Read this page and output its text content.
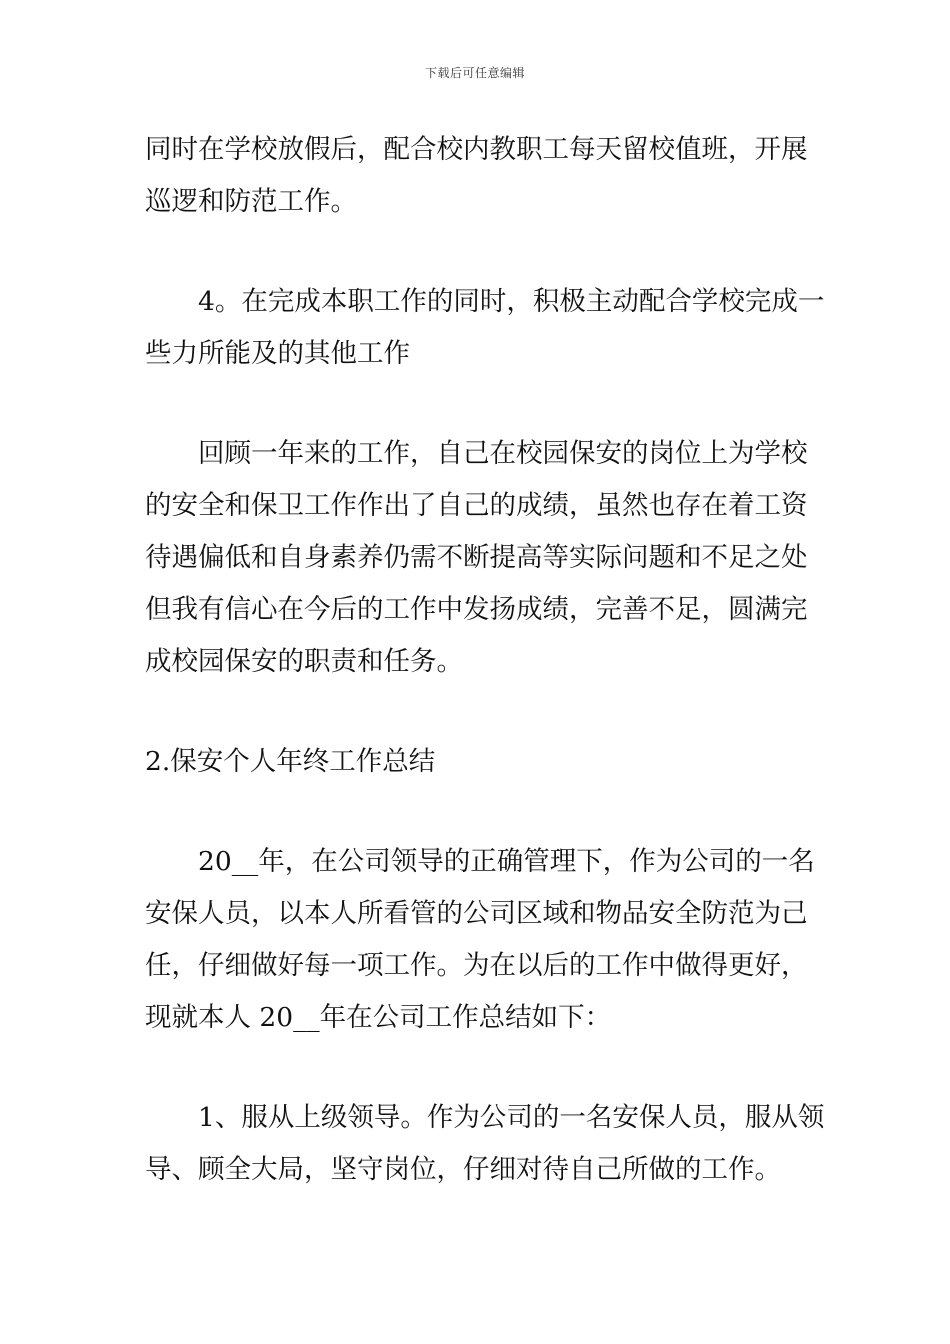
下载后可任意编辑
同时在学校放假后，配合校内教职工每天留校值班，开展
巡逻和防范工作。
4。在完成本职工作的同时，积极主动配合学校完成一
些力所能及的其他工作
回顾一年来的工作，自己在校园保安的岗位上为学校
的安全和保卫工作作出了自己的成绩，虽然也存在着工资
待遇偏低和自身素养仍需不断提高等实际问题和不足之处
但我有信心在今后的工作中发扬成绩，完善不足，圆满完
成校园保安的职责和任务。
2.保安个人年终工作总结
20__年，在公司领导的正确管理下，作为公司的一名
安保人员，以本人所看管的公司区域和物品安全防范为己
任，仔细做好每一项工作。为在以后的工作中做得更好，
现就本人 20__年在公司工作总结如下：
1、服从上级领导。作为公司的一名安保人员，服从领
导、顾全大局，坚守岗位，仔细对待自己所做的工作。
